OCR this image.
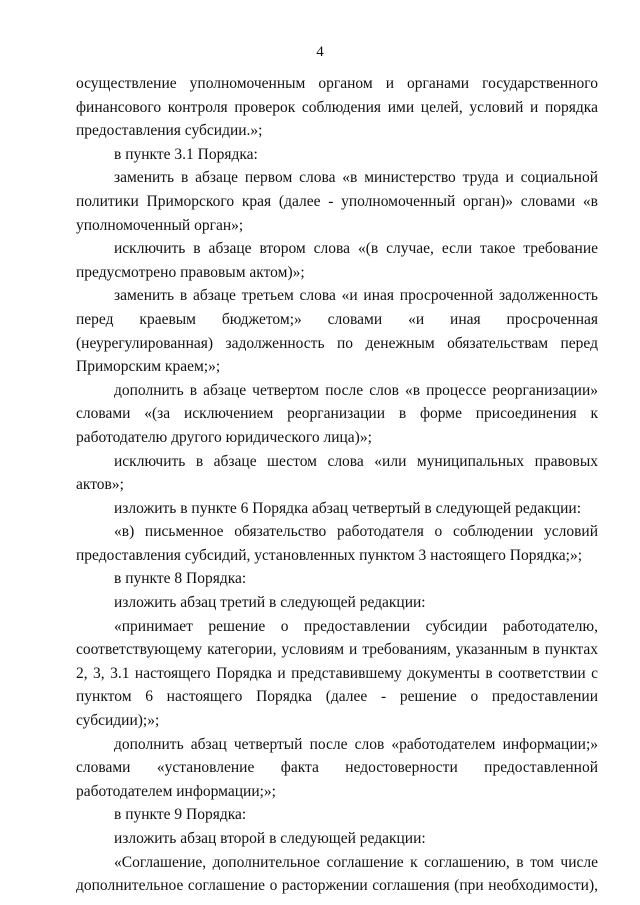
4

осуществление уполномоченным органом и органами государственного финансового контроля проверок соблюдения ими целей, условий и порядка предоставления субсидии.»;

в пункте 3.1 Порядка:

заменить в абзаце первом слова «в министерство труда и социальной политики Приморского края (далее - уполномоченный орган)» словами «в уполномоченный орган»;

исключить в абзаце втором слова «(в случае, если такое требование предусмотрено правовым актом)»;

заменить в абзаце третьем слова «и иная просроченной задолженность перед краевым бюджетом;» словами «и иная просроченная (неурегулированная) задолженность по денежным обязательствам перед Приморским краем;»;

дополнить в абзаце четвертом после слов «в процессе реорганизации» словами «(за исключением реорганизации в форме присоединения к работодателю другого юридического лица)»;

исключить в абзаце шестом слова «или муниципальных правовых актов»;

изложить в пункте 6 Порядка абзац четвертый в следующей редакции:

«в) письменное обязательство работодателя о соблюдении условий предоставления субсидий, установленных пунктом 3 настоящего Порядка;»;

в пункте 8 Порядка:

изложить абзац третий в следующей редакции:

«принимает решение о предоставлении субсидии работодателю, соответствующему категории, условиям и требованиям, указанным в пунктах 2, 3, 3.1 настоящего Порядка и представившему документы в соответствии с пунктом 6 настоящего Порядка (далее - решение о предоставлении субсидии);»;

дополнить абзац четвертый после слов «работодателем информации;» словами «установление факта недостоверности предоставленной работодателем информации;»;

в пункте 9 Порядка:

изложить абзац второй в следующей редакции:

«Соглашение, дополнительное соглашение к соглашению, в том числе дополнительное соглашение о расторжении соглашения (при необходимости),
